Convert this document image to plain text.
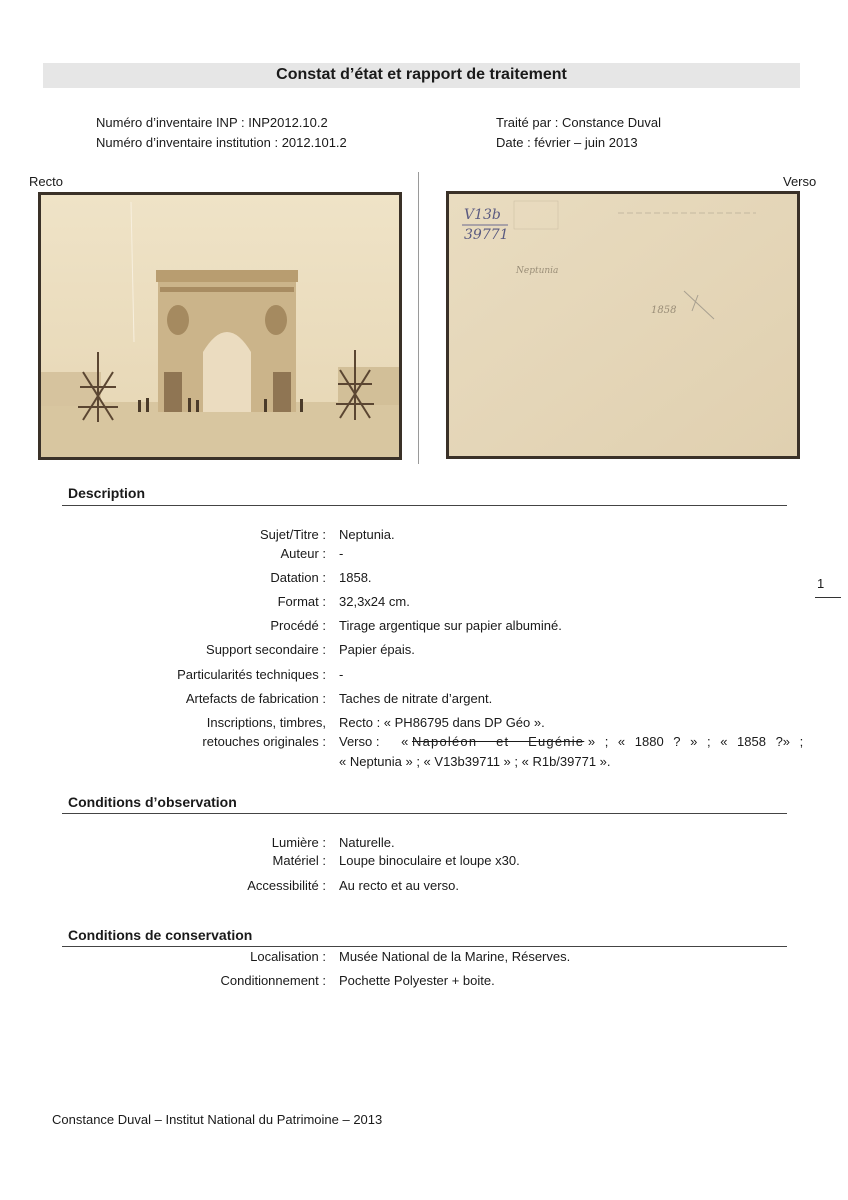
Constat d’état et rapport de traitement
Numéro d’inventaire INP : INP2012.10.2
Numéro d’inventaire institution : 2012.101.2
Traité par : Constance Duval
Date : février – juin 2013
Recto	Verso
V13b
39771
Neptunia
1858
Description
Sujet/Titre : Neptunia.
Auteur : -
Datation : 1858.
Format : 32,3x24 cm.
Procédé : Tirage argentique sur papier albuminé.
Support secondaire : Papier épais.
Particularités techniques : -
Artefacts de fabrication : Taches de nitrate d’argent.
Inscriptions, timbres, Recto : « PH86795 dans DP Géo ».
retouches originales : Verso : « Napoléon et Eugénie » ; « 1880 ? » ; « 1858 ?» ;
« Neptunia » ; « V13b39711 » ; « R1b/39771 ».
Conditions d’observation
Lumière : Naturelle.
Matériel : Loupe binoculaire et loupe x30.
Accessibilité : Au recto et au verso.
Conditions de conservation
Localisation : Musée National de la Marine, Réserves.
Conditionnement : Pochette Polyester + boite.
1
Constance Duval – Institut National du Patrimoine – 2013
